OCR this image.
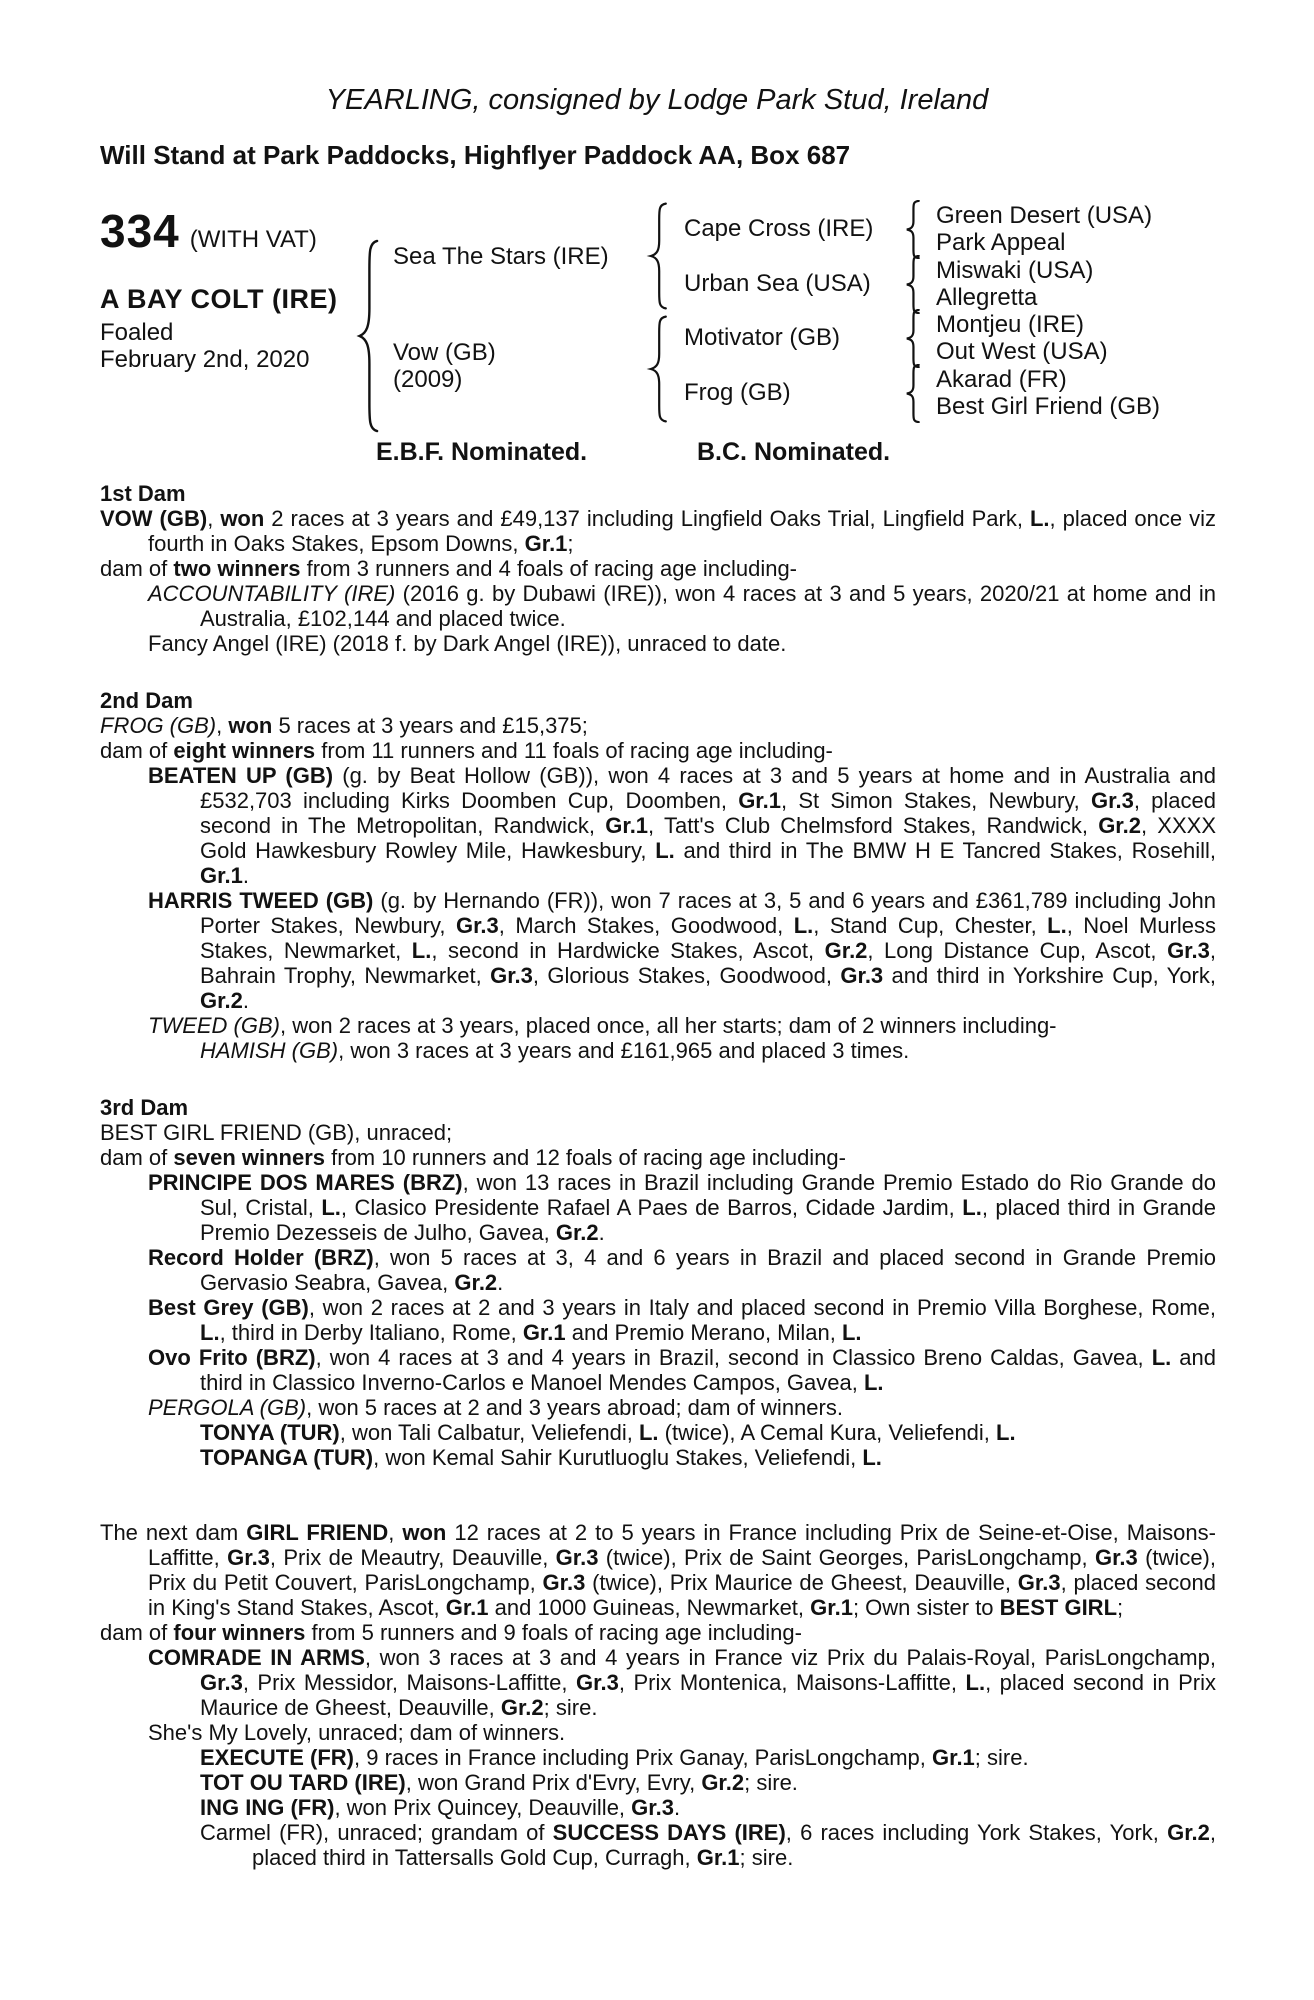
YEARLING, consigned by Lodge Park Stud, Ireland
Will Stand at Park Paddocks, Highflyer Paddock AA, Box 687
334 (WITH VAT)
A BAY COLT (IRE)
Foaled
February 2nd, 2020
Sea The Stars (IRE)
Vow (GB)
(2009)
Cape Cross (IRE)
Urban Sea (USA)
Motivator (GB)
Frog (GB)
Green Desert (USA)
Park Appeal
Miswaki (USA)
Allegretta
Montjeu (IRE)
Out West (USA)
Akarad (FR)
Best Girl Friend (GB)
E.B.F. Nominated.	B.C. Nominated.
1st Dam

VOW (GB), won 2 races at 3 years and £49,137 including Lingfield Oaks Trial, Lingfield Park, L., placed once viz fourth in Oaks Stakes, Epsom Downs, Gr.1;

dam of two winners from 3 runners and 4 foals of racing age including-

ACCOUNTABILITY (IRE) (2016 g. by Dubawi (IRE)), won 4 races at 3 and 5 years, 2020/21 at home and in Australia, £102,144 and placed twice.

Fancy Angel (IRE) (2018 f. by Dark Angel (IRE)), unraced to date.

2nd Dam

FROG (GB), won 5 races at 3 years and £15,375;

dam of eight winners from 11 runners and 11 foals of racing age including-

BEATEN UP (GB) (g. by Beat Hollow (GB)), won 4 races at 3 and 5 years at home and in Australia and £532,703 including Kirks Doomben Cup, Doomben, Gr.1, St Simon Stakes, Newbury, Gr.3, placed second in The Metropolitan, Randwick, Gr.1, Tatt's Club Chelmsford Stakes, Randwick, Gr.2, XXXX Gold Hawkesbury Rowley Mile, Hawkesbury, L. and third in The BMW H E Tancred Stakes, Rosehill, Gr.1.

HARRIS TWEED (GB) (g. by Hernando (FR)), won 7 races at 3, 5 and 6 years and £361,789 including John Porter Stakes, Newbury, Gr.3, March Stakes, Goodwood, L., Stand Cup, Chester, L., Noel Murless Stakes, Newmarket, L., second in Hardwicke Stakes, Ascot, Gr.2, Long Distance Cup, Ascot, Gr.3, Bahrain Trophy, Newmarket, Gr.3, Glorious Stakes, Goodwood, Gr.3 and third in Yorkshire Cup, York, Gr.2.

TWEED (GB), won 2 races at 3 years, placed once, all her starts; dam of 2 winners including-

HAMISH (GB), won 3 races at 3 years and £161,965 and placed 3 times.

3rd Dam

BEST GIRL FRIEND (GB), unraced;

dam of seven winners from 10 runners and 12 foals of racing age including-

PRINCIPE DOS MARES (BRZ), won 13 races in Brazil including Grande Premio Estado do Rio Grande do Sul, Cristal, L., Clasico Presidente Rafael A Paes de Barros, Cidade Jardim, L., placed third in Grande Premio Dezesseis de Julho, Gavea, Gr.2.

Record Holder (BRZ), won 5 races at 3, 4 and 6 years in Brazil and placed second in Grande Premio Gervasio Seabra, Gavea, Gr.2.

Best Grey (GB), won 2 races at 2 and 3 years in Italy and placed second in Premio Villa Borghese, Rome, L., third in Derby Italiano, Rome, Gr.1 and Premio Merano, Milan, L.

Ovo Frito (BRZ), won 4 races at 3 and 4 years in Brazil, second in Classico Breno Caldas, Gavea, L. and third in Classico Inverno-Carlos e Manoel Mendes Campos, Gavea, L.

PERGOLA (GB), won 5 races at 2 and 3 years abroad; dam of winners.

TONYA (TUR), won Tali Calbatur, Veliefendi, L. (twice), A Cemal Kura, Veliefendi, L.

TOPANGA (TUR), won Kemal Sahir Kurutluoglu Stakes, Veliefendi, L.

The next dam GIRL FRIEND, won 12 races at 2 to 5 years in France including Prix de Seine-et-Oise, Maisons-Laffitte, Gr.3, Prix de Meautry, Deauville, Gr.3 (twice), Prix de Saint Georges, ParisLongchamp, Gr.3 (twice), Prix du Petit Couvert, ParisLongchamp, Gr.3 (twice), Prix Maurice de Gheest, Deauville, Gr.3, placed second in King's Stand Stakes, Ascot, Gr.1 and 1000 Guineas, Newmarket, Gr.1; Own sister to BEST GIRL;

dam of four winners from 5 runners and 9 foals of racing age including-

COMRADE IN ARMS, won 3 races at 3 and 4 years in France viz Prix du Palais-Royal, ParisLongchamp, Gr.3, Prix Messidor, Maisons-Laffitte, Gr.3, Prix Montenica, Maisons-Laffitte, L., placed second in Prix Maurice de Gheest, Deauville, Gr.2; sire.

She's My Lovely, unraced; dam of winners.

EXECUTE (FR), 9 races in France including Prix Ganay, ParisLongchamp, Gr.1; sire.

TOT OU TARD (IRE), won Grand Prix d'Evry, Evry, Gr.2; sire.

ING ING (FR), won Prix Quincey, Deauville, Gr.3.

Carmel (FR), unraced; grandam of SUCCESS DAYS (IRE), 6 races including York Stakes, York, Gr.2, placed third in Tattersalls Gold Cup, Curragh, Gr.1; sire.
